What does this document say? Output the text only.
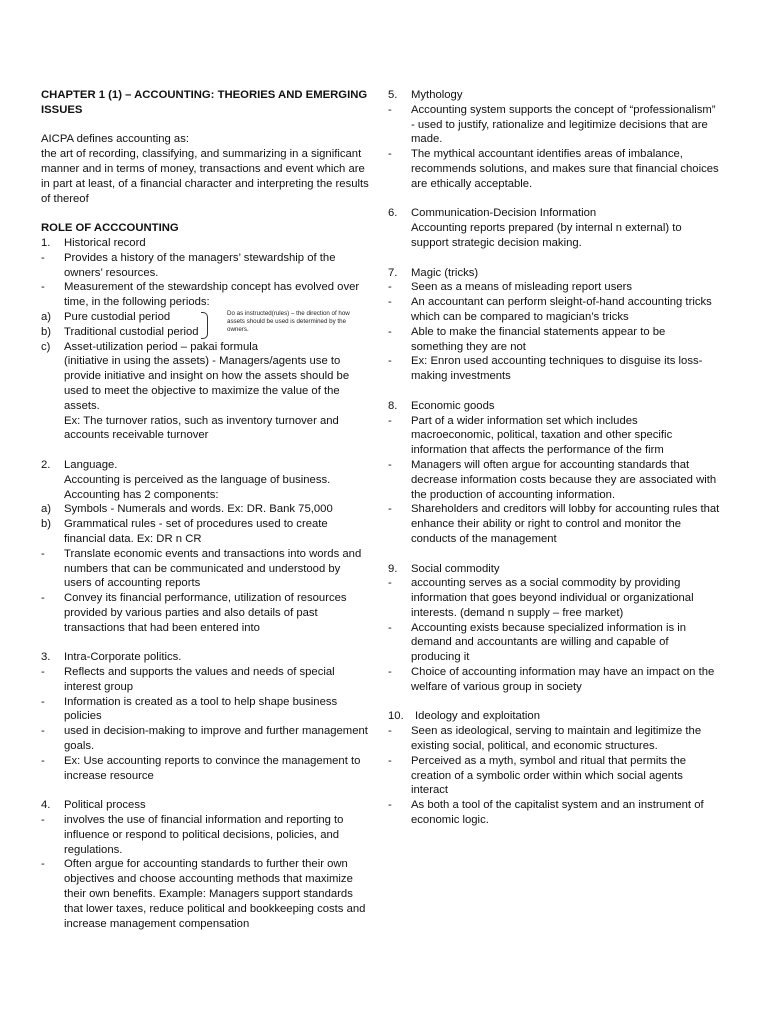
CHAPTER 1 (1) – ACCOUNTING: THEORIES AND EMERGING ISSUES
AICPA defines accounting as:
the art of recording, classifying, and summarizing in a significant manner and in terms of money, transactions and event which are in part at least, of a financial character and interpreting the results of thereof
ROLE OF ACCCOUNTING
1.	Historical record
-	Provides a history of the managers’ stewardship of the owners’ resources.
-	Measurement of the stewardship concept has evolved over time, in the following periods:
a)	Pure custodial period
b)	Traditional custodial period
Do as instructed(rules) – the direction of how assets should be used is determined by the owners.
c)	Asset-utilization period – pakai formula
(initiative in using the assets) - Managers/agents use to provide initiative and insight on how the assets should be used to meet the objective to maximize the value of the assets.
Ex: The turnover ratios, such as inventory turnover and accounts receivable turnover
2.	Language.
Accounting is perceived as the language of business.
Accounting has 2 components:
a)	Symbols - Numerals and words. Ex: DR. Bank 75,000
b)	Grammatical rules - set of procedures used to create financial data. Ex: DR n CR
-	Translate economic events and transactions into words and numbers that can be communicated and understood by users of accounting reports
-	Convey its financial performance, utilization of resources provided by various parties and also details of past transactions that had been entered into
3.	Intra-Corporate politics.
-	Reflects and supports the values and needs of special interest group
-	Information is created as a tool to help shape business policies
-	used in decision-making to improve and further management goals.
-	Ex: Use accounting reports to convince the management to increase resource
4.	Political process
-	involves the use of financial information and reporting to influence or respond to political decisions, policies, and regulations.
-	Often argue for accounting standards to further their own objectives and choose accounting methods that maximize their own benefits. Example: Managers support standards that lower taxes, reduce political and bookkeeping costs and increase management compensation
5.	Mythology
-	Accounting system supports the concept of “professionalism” - used to justify, rationalize and legitimize decisions that are made.
-	The mythical accountant identifies areas of imbalance, recommends solutions, and makes sure that financial choices are ethically acceptable.
6.	Communication-Decision Information
Accounting reports prepared (by internal n external) to support strategic decision making.
7.	Magic (tricks)
-	Seen as a means of misleading report users
-	An accountant can perform sleight-of-hand accounting tricks which can be compared to magician’s tricks
-	Able to make the financial statements appear to be something they are not
-	Ex: Enron used accounting techniques to disguise its loss-making investments
8.	Economic goods
-	Part of a wider information set which includes macroeconomic, political, taxation and other specific information that affects the performance of the firm
-	Managers will often argue for accounting standards that decrease information costs because they are associated with the production of accounting information.
-	Shareholders and creditors will lobby for accounting rules that enhance their ability or right to control and monitor the conducts of the management
9.	Social commodity
-	accounting serves as a social commodity by providing information that goes beyond individual or organizational interests. (demand n supply – free market)
-	Accounting exists because specialized information is in demand and accountants are willing and capable of producing it
-	Choice of accounting information may have an impact on the welfare of various group in society
10. Ideology and exploitation
-	Seen as ideological, serving to maintain and legitimize the existing social, political, and economic structures.
-	Perceived as a myth, symbol and ritual that permits the creation of a symbolic order within which social agents interact
-	As both a tool of the capitalist system and an instrument of economic logic.
